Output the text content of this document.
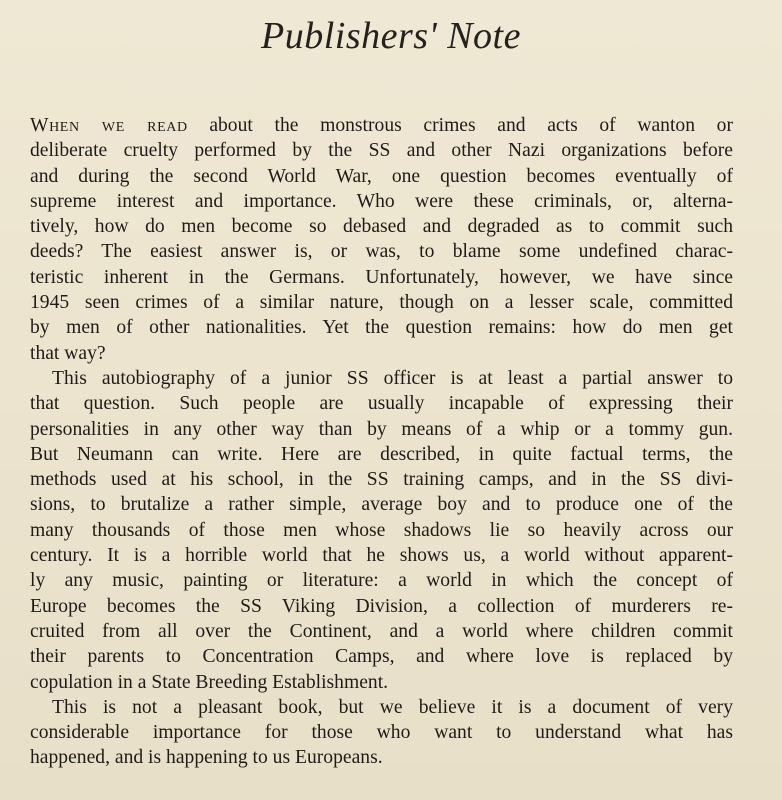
Publishers' Note
When we read about the monstrous crimes and acts of wanton or
deliberate cruelty performed by the SS and other Nazi organizations before
and during the second World War, one question becomes eventually of
supreme interest and importance. Who were these criminals, or, alterna-
tively, how do men become so debased and degraded as to commit such
deeds? The easiest answer is, or was, to blame some undefined charac-
teristic inherent in the Germans. Unfortunately, however, we have since
1945 seen crimes of a similar nature, though on a lesser scale, committed
by men of other nationalities. Yet the question remains: how do men get
that way?
This autobiography of a junior SS officer is at least a partial answer to
that question. Such people are usually incapable of expressing their
personalities in any other way than by means of a whip or a tommy gun.
But Neumann can write. Here are described, in quite factual terms, the
methods used at his school, in the SS training camps, and in the SS divi-
sions, to brutalize a rather simple, average boy and to produce one of the
many thousands of those men whose shadows lie so heavily across our
century. It is a horrible world that he shows us, a world without apparent-
ly any music, painting or literature: a world in which the concept of
Europe becomes the SS Viking Division, a collection of murderers re-
cruited from all over the Continent, and a world where children commit
their parents to Concentration Camps, and where love is replaced by
copulation in a State Breeding Establishment.
This is not a pleasant book, but we believe it is a document of very
considerable importance for those who want to understand what has
happened, and is happening to us Europeans.
